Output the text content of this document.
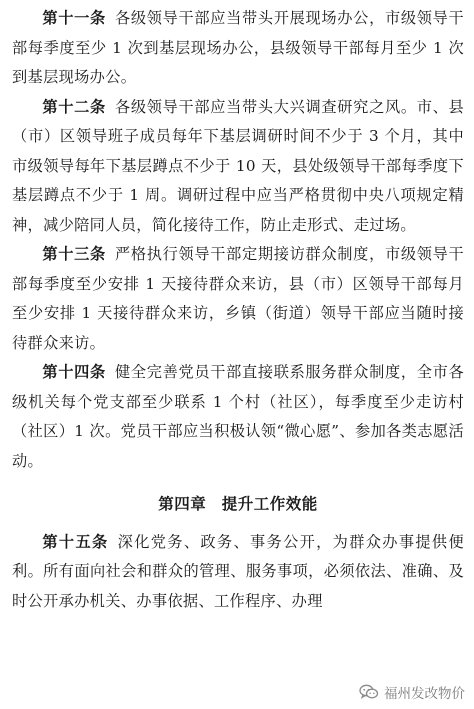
第十一条 各级领导干部应当带头开展现场办公，市级领导干部每季度至少 1 次到基层现场办公，县级领导干部每月至少 1 次到基层现场办公。

第十二条 各级领导干部应当带头大兴调查研究之风。市、县（市）区领导班子成员每年下基层调研时间不少于 3 个月，其中市级领导每年下基层蹲点不少于 10 天，县处级领导干部每季度下基层蹲点不少于 1 周。调研过程中应当严格贯彻中央八项规定精神，减少陪同人员，简化接待工作，防止走形式、走过场。

第十三条 严格执行领导干部定期接访群众制度，市级领导干部每季度至少安排 1 天接待群众来访，县（市）区领导干部每月至少安排 1 天接待群众来访，乡镇（街道）领导干部应当随时接待群众来访。

第十四条 健全完善党员干部直接联系服务群众制度，全市各级机关每个党支部至少联系 1 个村（社区），每季度至少走访村（社区）1 次。党员干部应当积极认领“微心愿”、参加各类志愿活动。

第四章 提升工作效能

第十五条 深化党务、政务、事务公开，为群众办事提供便利。所有面向社会和群众的管理、服务事项，必须依法、准确、及时公开承办机关、办事依据、工作程序、办理

福州发改物价
